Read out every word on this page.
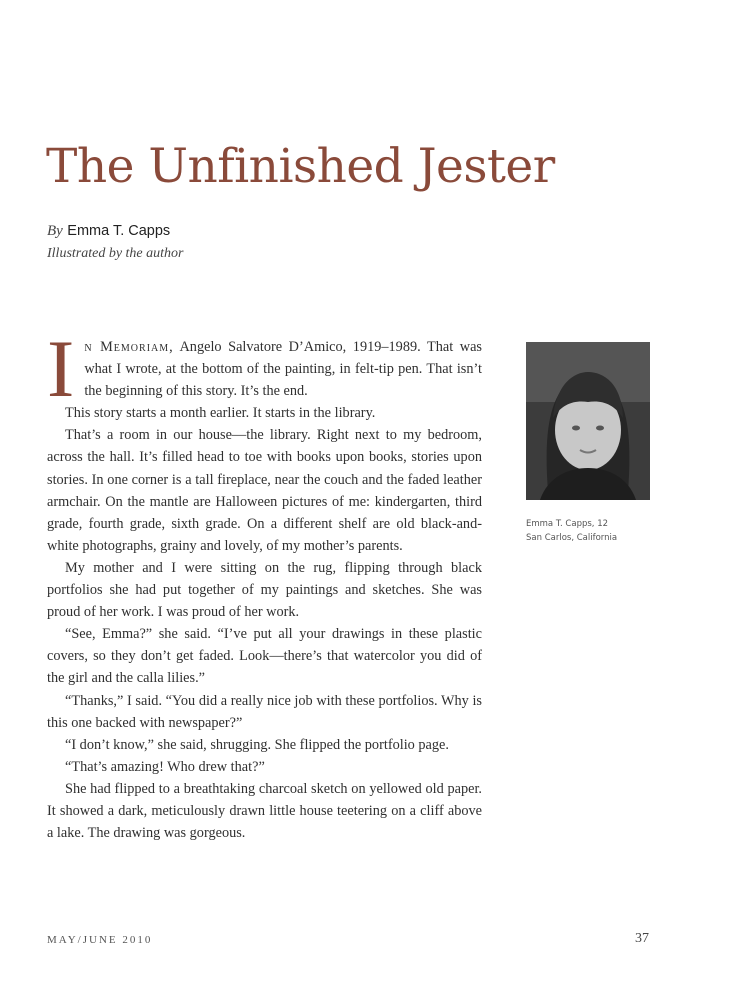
The Unfinished Jester
By Emma T. Capps
Illustrated by the author

In Memoriam, Angelo Salvatore D’Amico, 1919–1989. That was what I wrote, at the bottom of the painting, in felt-tip pen. That isn’t the beginning of this story. It’s the end.

This story starts a month earlier. It starts in the library.

That’s a room in our house—the library. Right next to my bedroom, across the hall. It’s filled head to toe with books upon books, stories upon stories. In one corner is a tall fireplace, near the couch and the faded leather armchair. On the mantle are Halloween pictures of me: kindergarten, third grade, fourth grade, sixth grade. On a different shelf are old black-and-white photographs, grainy and lovely, of my mother’s parents.

My mother and I were sitting on the rug, flipping through black portfolios she had put together of my paintings and sketches. She was proud of her work. I was proud of her work.

“See, Emma?” she said. “I’ve put all your drawings in these plastic covers, so they don’t get faded. Look—there’s that watercolor you did of the girl and the calla lilies.”

“Thanks,” I said. “You did a really nice job with these portfolios. Why is this one backed with newspaper?”

“I don’t know,” she said, shrugging. She flipped the portfolio page.

“That’s amazing! Who drew that?”

She had flipped to a breathtaking charcoal sketch on yellowed old paper. It showed a dark, meticulously drawn little house teetering on a cliff above a lake. The drawing was gorgeous.

Emma T. Capps, 12
San Carlos, California
MAY/JUNE 2010	37
